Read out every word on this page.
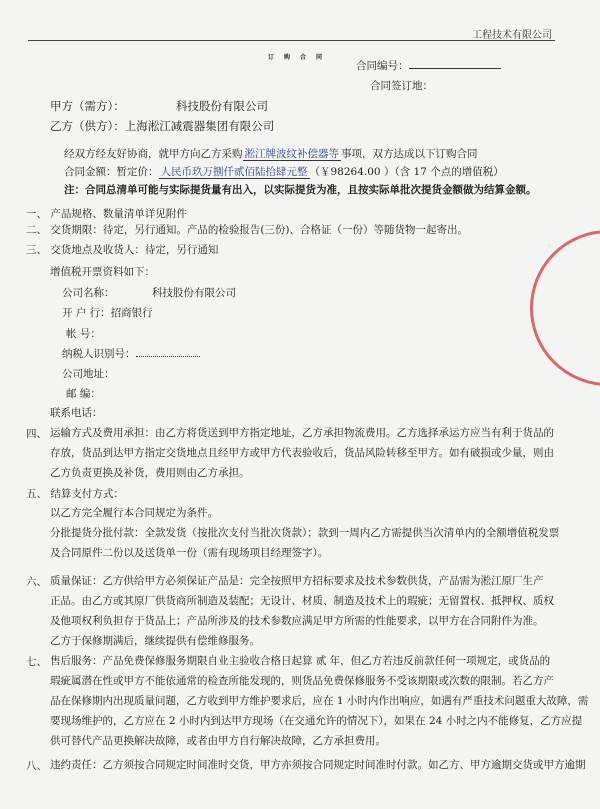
工程技术有限公司
订购合同
合同编号：
合同签订地：
甲方（需方）：	科技股份有限公司
乙方（供方）：上海淞江减震器集团有限公司
经双方经友好协商，就甲方向乙方采购 淞江牌波纹补偿器等 事项，双方达成以下订购合同
合同金额：暂定价： 人民币玖万捌仟贰佰陆拾肆元整 （￥98264.00 ）（含 17 个点的增值税）
注：合同总清单可能与实际提货量有出入，以实际提货为准，且按实际单批次提货金额做为结算金额。
一、 产品规格、数量清单详见附件
二、 交货期限：待定，另行通知。产品的检验报告(三份)、合格证（一份）等随货物一起寄出。
三、 交货地点及收货人：待定，另行通知
增值税开票资料如下：
公司名称：	科技股份有限公司
开 户 行：招商银行
帐 号：
纳税人识别号：
公司地址：
邮 编：
联系电话：
四、 运输方式及费用承担：由乙方将货送到甲方指定地址，乙方承担物流费用。乙方选择承运方应当有利于货品的
存放，货品到达甲方指定交货地点且经甲方或甲方代表验收后，货品风险转移至甲方。如有破损或少量，则由
乙方负责更换及补货，费用则由乙方承担。
五、 结算支付方式：
以乙方完全履行本合同规定为条件。
分批提货分批付款：全款发货（按批次支付当批次货款）；款到一周内乙方需提供当次清单内的全额增值税发票
及合同原件二份以及送货单一份（需有现场项目经理签字）。
六、 质量保证：乙方供给甲方必须保证产品是：完全按照甲方招标要求及技术参数供货，产品需为淞江原厂生产
正品。由乙方或其原厂供货商所制造及装配；无设计、材质、制造及技术上的瑕疵；无留置权、抵押权、质权
及他项权利负担存于货品上；产品所涉及的技术参数应满足甲方所需的性能要求，以甲方在合同附件为准。
乙方于保修期满后，继续提供有偿维修服务。
七、 售后服务：产品免费保修服务期限自业主验收合格日起算 贰 年，但乙方若违反前款任何一项规定，或货品的
瑕疵属潜在性或甲方不能依通常的检查所能发现的，则货品免费保修服务不受该期限或次数的限制。若乙方产
品在保修期内出现质量问题，乙方收到甲方维护要求后，应在 1 小时内作出响应，如遇有严重技术问题重大故障，需
要现场维护的，乙方应在 2 小时内到达甲方现场（在交通允许的情况下），如果在 24 小时之内不能修复，乙方应提
供可替代产品更换解决故障，或者由甲方自行解决故障，乙方承担费用。
八、 违约责任：乙方须按合同规定时间准时交货，甲方亦须按合同规定时间准时付款。如乙方、甲方逾期交货或甲方逾期
